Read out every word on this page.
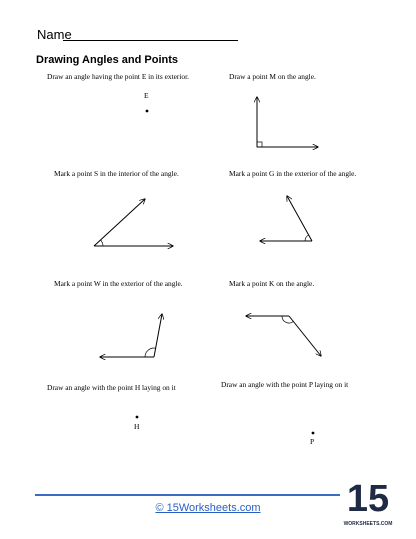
Name
Drawing Angles and Points
Draw an angle having the point E in its exterior.	Draw a point M on the angle.
Mark a point S in the interior of the angle.	Mark a point G in the exterior of the angle.
Mark a point W in the exterior of the angle.	Mark a point K on the angle.
Draw an angle with the point H laying on it	Draw an angle with the point P laying on it
E
H
P
© 15Worksheets.com	15
WORKSHEETS.COM
